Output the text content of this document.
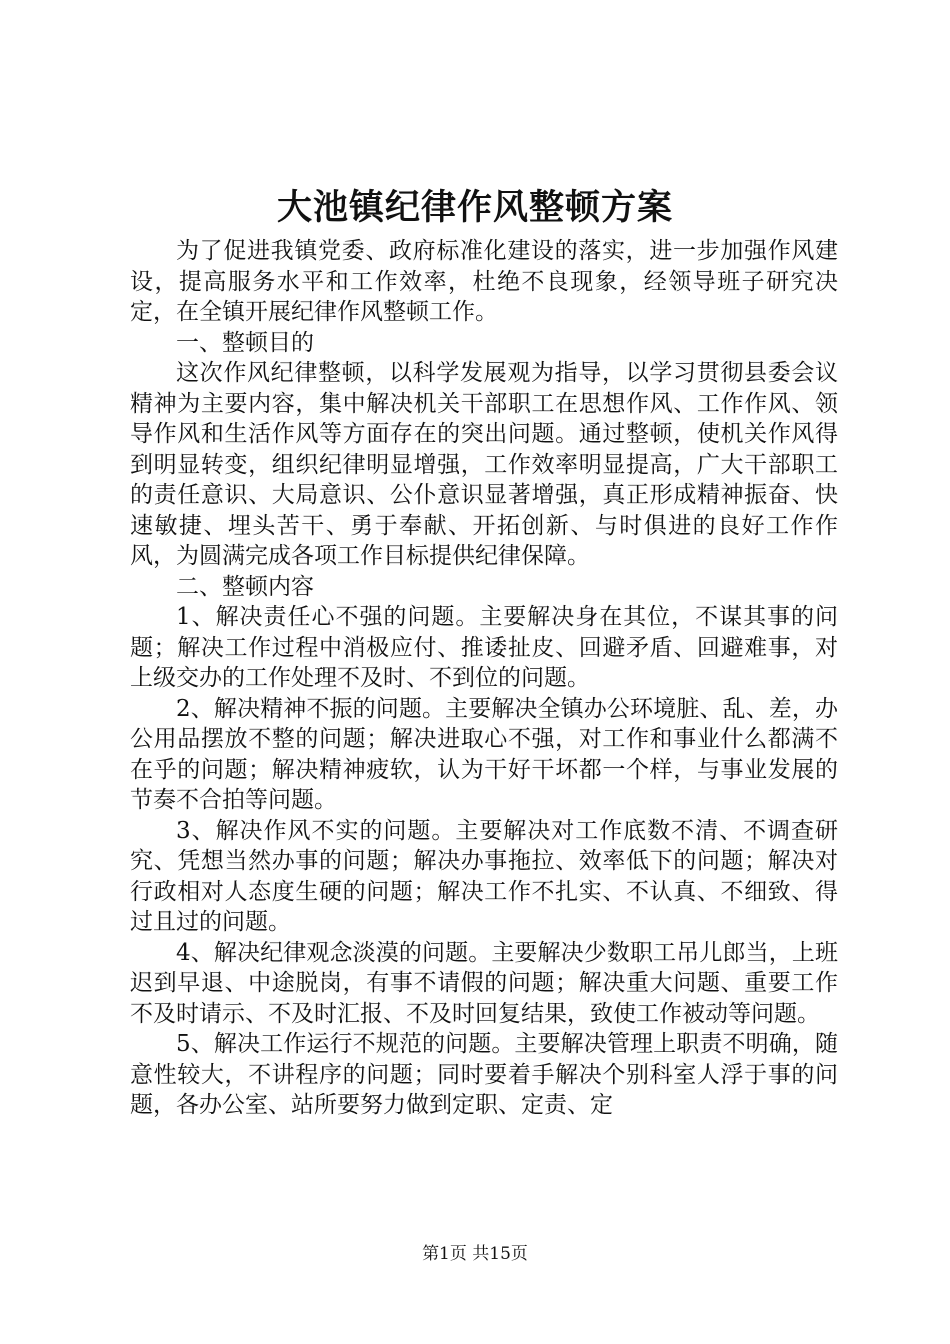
大池镇纪律作风整顿方案

为了促进我镇党委、政府标准化建设的落实，进一步加强作风建设，提高服务水平和工作效率，杜绝不良现象，经领导班子研究决定，在全镇开展纪律作风整顿工作。

一、整顿目的

这次作风纪律整顿，以科学发展观为指导，以学习贯彻县委会议精神为主要内容，集中解决机关干部职工在思想作风、工作作风、领导作风和生活作风等方面存在的突出问题。通过整顿，使机关作风得到明显转变，组织纪律明显增强，工作效率明显提高，广大干部职工的责任意识、大局意识、公仆意识显著增强，真正形成精神振奋、快速敏捷、埋头苦干、勇于奉献、开拓创新、与时俱进的良好工作作风，为圆满完成各项工作目标提供纪律保障。

二、整顿内容

1、解决责任心不强的问题。主要解决身在其位，不谋其事的问题；解决工作过程中消极应付、推诿扯皮、回避矛盾、回避难事，对上级交办的工作处理不及时、不到位的问题。

2、解决精神不振的问题。主要解决全镇办公环境脏、乱、差，办公用品摆放不整的问题；解决进取心不强，对工作和事业什么都满不在乎的问题；解决精神疲软，认为干好干坏都一个样，与事业发展的节奏不合拍等问题。

3、解决作风不实的问题。主要解决对工作底数不清、不调查研究、凭想当然办事的问题；解决办事拖拉、效率低下的问题；解决对行政相对人态度生硬的问题；解决工作不扎实、不认真、不细致、得过且过的问题。

4、解决纪律观念淡漠的问题。主要解决少数职工吊儿郎当，上班迟到早退、中途脱岗，有事不请假的问题；解决重大问题、重要工作不及时请示、不及时汇报、不及时回复结果，致使工作被动等问题。

5、解决工作运行不规范的问题。主要解决管理上职责不明确，随意性较大，不讲程序的问题；同时要着手解决个别科室人浮于事的问题，各办公室、站所要努力做到定职、定责、定

第1页 共15页
